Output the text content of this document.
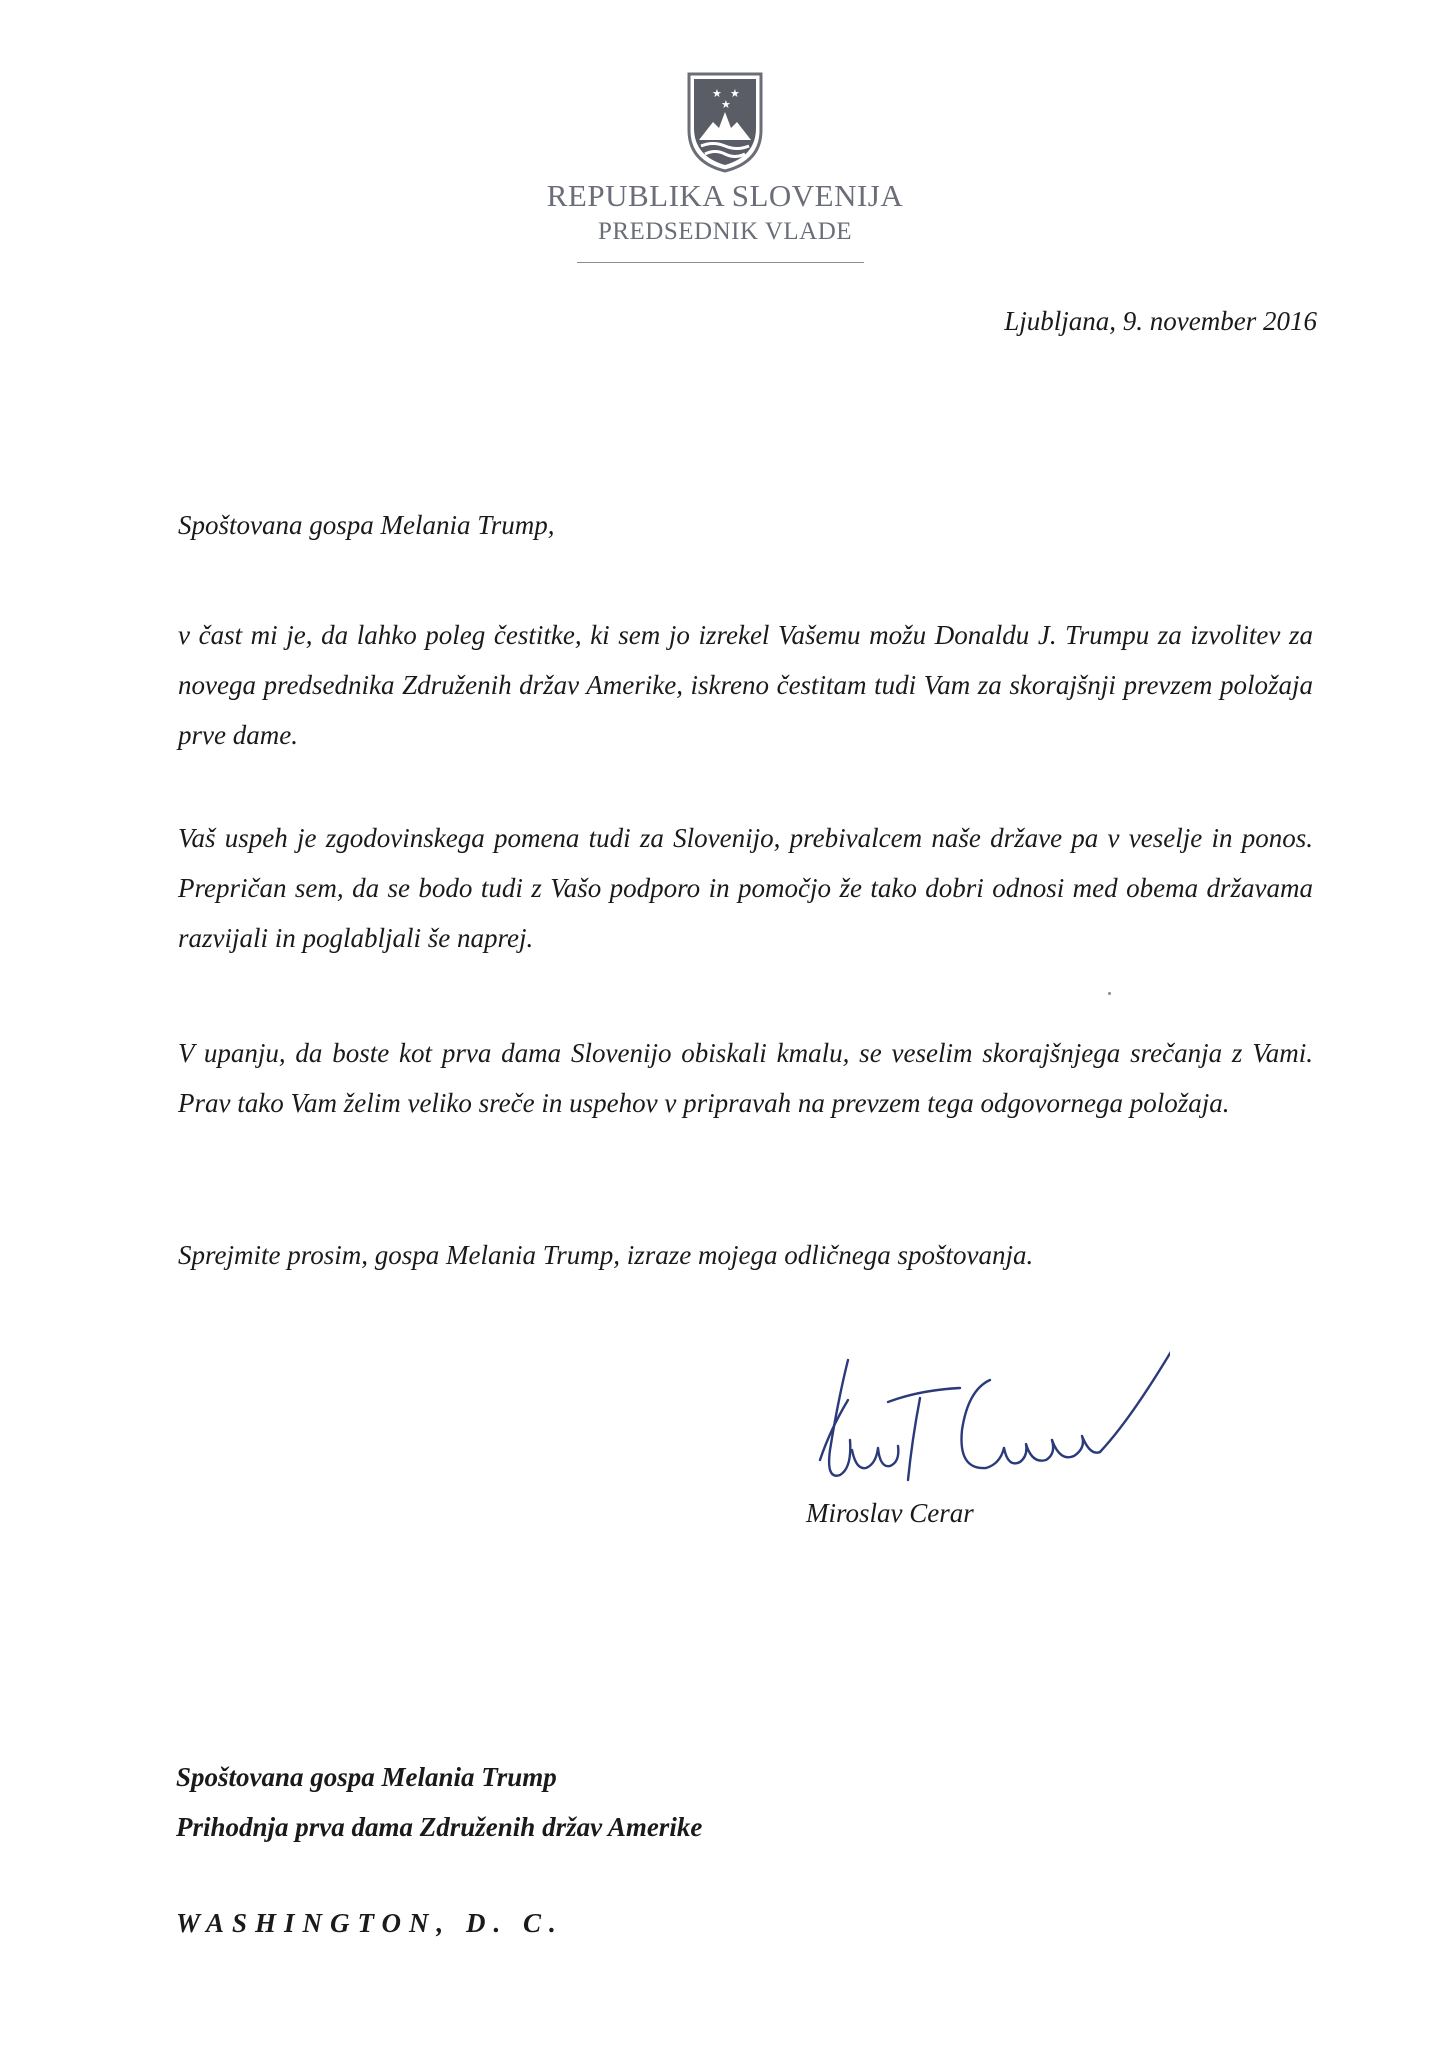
★ ★
★
REPUBLIKA SLOVENIJA
PREDSEDNIK VLADE
Ljubljana, 9. november 2016
Spoštovana gospa Melania Trump,
v čast mi je, da lahko poleg čestitke, ki sem jo izrekel Vašemu možu Donaldu J. Trumpu za izvolitev za novega predsednika Združenih držav Amerike, iskreno čestitam tudi Vam za skorajšnji prevzem položaja prve dame.
Vaš uspeh je zgodovinskega pomena tudi za Slovenijo, prebivalcem naše države pa v veselje in ponos. Prepričan sem, da se bodo tudi z Vašo podporo in pomočjo že tako dobri odnosi med obema državama razvijali in poglabljali še naprej.
V upanju, da boste kot prva dama Slovenijo obiskali kmalu, se veselim skorajšnjega srečanja z Vami. Prav tako Vam želim veliko sreče in uspehov v pripravah na prevzem tega odgovornega položaja.
Sprejmite prosim, gospa Melania Trump, izraze mojega odličnega spoštovanja.
Miroslav Cerar
Spoštovana gospa Melania Trump
Prihodnja prva dama Združenih držav Amerike
WASHINGTON, D. C.
